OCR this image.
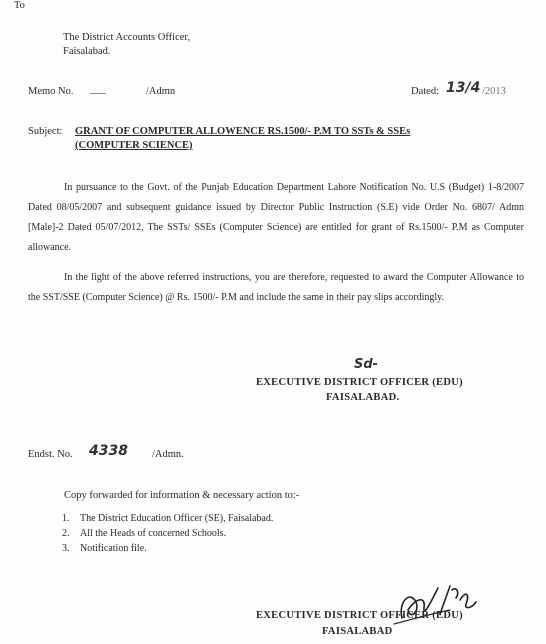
To
The District Accounts Officer,
Faisalabad.
Memo No. ___	/Admn	Dated: 13/4 /2013
Subject: GRANT OF COMPUTER ALLOWENCE RS.1500/- P.M TO SSTs & SSEs
(COMPUTER SCIENCE)
In pursuance to the Govt. of the Punjab Education Department Lahore Notification No. U.S (Budget) 1-8/2007 Dated 08/05/2007 and subsequent guidance issued by Director Public Instruction (S.E) vide Order No. 6807/ Admn [Male]-2 Dated 05/07/2012, The SSTs/ SSEs (Computer Science) are entitled for grant of Rs.1500/- P.M as Computer allowance.
In the light of the above referred instructions, you are therefore, requested to award the Computer Allowance to the SST/SSE (Computer Science) @ Rs. 1500/- P.M and include the same in their pay slips accordingly.
Sd-
EXECUTIVE DISTRICT OFFICER (EDU)
FAISALABAD.
Endst. No. 4338 /Admn.
Copy forwarded for information & necessary action to:-
1. The District Education Officer (SE), Faisalabad.
2. All the Heads of concerned Schools.
3. Notification file.
EXECUTIVE DISTRICT OFFICER (EDU)
FAISALABAD
